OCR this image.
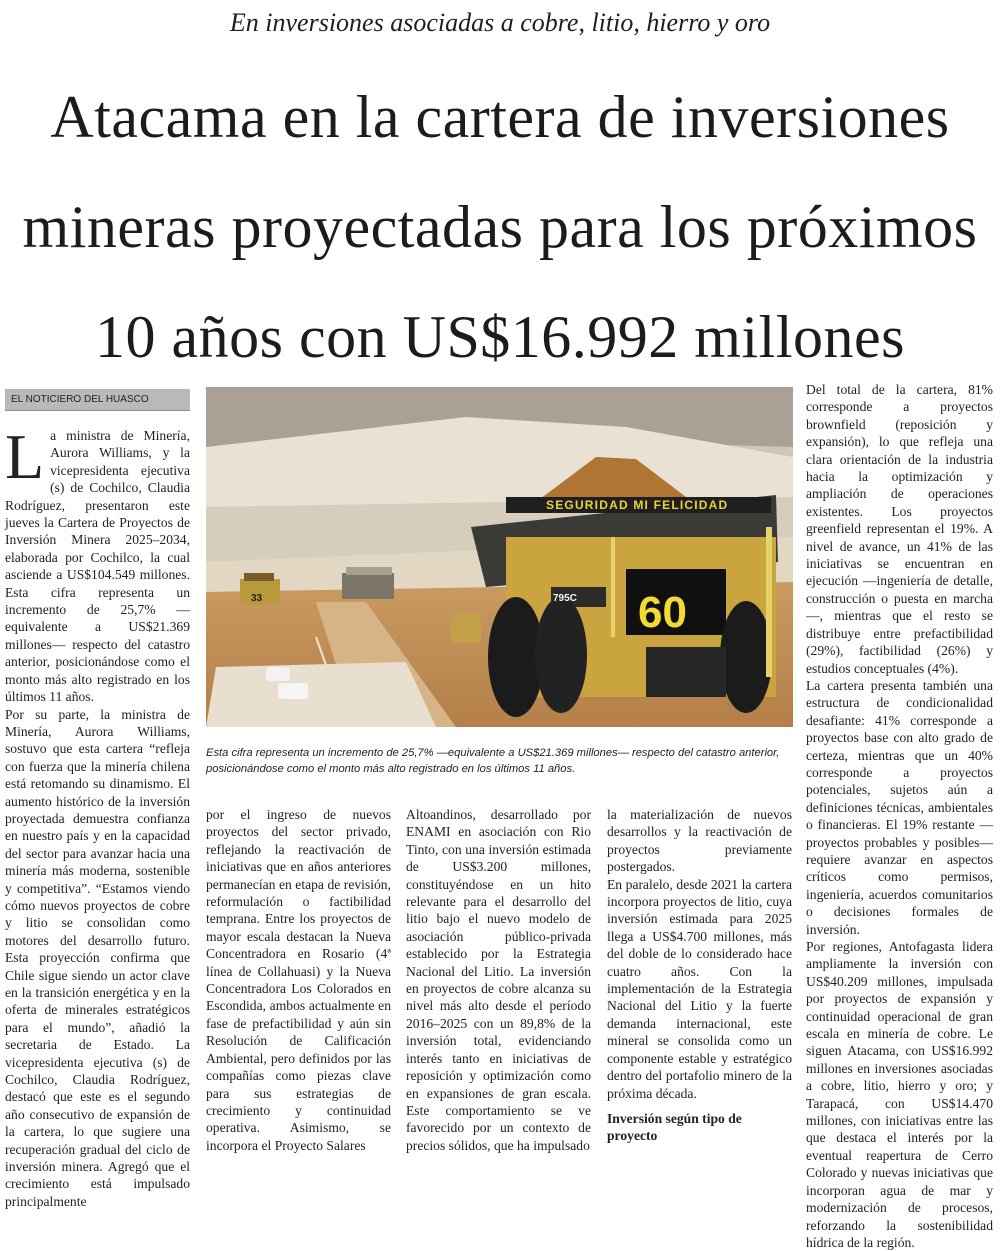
En inversiones asociadas a cobre, litio, hierro y oro
Atacama en la cartera de inversiones
mineras proyectadas para los próximos
10 años con US$16.992 millones
EL NOTICIERO DEL HUASCO

La ministra de Minería, Aurora Williams, y la vicepresidenta ejecutiva (s) de Cochilco, Claudia Rodríguez, presentaron este jueves la Cartera de Proyectos de Inversión Minera 2025–2034, elaborada por Cochilco, la cual asciende a US$104.549 millones. Esta cifra representa un incremento de 25,7% —equivalente a US$21.369 millones— respecto del catastro anterior, posicionándose como el monto más alto registrado en los últimos 11 años.

Por su parte, la ministra de Minería, Aurora Williams, sostuvo que esta cartera “refleja con fuerza que la minería chilena está retomando su dinamismo. El aumento histórico de la inversión proyectada demuestra confianza en nuestro país y en la capacidad del sector para avanzar hacia una minería más moderna, sostenible y competitiva”. “Estamos viendo cómo nuevos proyectos de cobre y litio se consolidan como motores del desarrollo futuro. Esta proyección confirma que Chile sigue siendo un actor clave en la transición energética y en la oferta de minerales estratégicos para el mundo”, añadió la secretaria de Estado. La vicepresidenta ejecutiva (s) de Cochilco, Claudia Rodríguez, destacó que este es el segundo año consecutivo de expansión de la cartera, lo que sugiere una recuperación gradual del ciclo de inversión minera. Agregó que el crecimiento está impulsado principalmente

SEGURIDAD MI FELICIDAD
60
795C
33
Esta cifra representa un incremento de 25,7% —equivalente a US$21.369 millones— respecto del catastro anterior, posicionándose como el monto más alto registrado en los últimos 11 años.

por el ingreso de nuevos proyectos del sector privado, reflejando la reactivación de iniciativas que en años anteriores permanecían en etapa de revisión, reformulación o factibilidad temprana. Entre los proyectos de mayor escala destacan la Nueva Concentradora en Rosario (4ª línea de Collahuasi) y la Nueva Concentradora Los Colorados en Escondida, ambos actualmente en fase de prefactibilidad y aún sin Resolución de Calificación Ambiental, pero definidos por las compañías como piezas clave para sus estrategias de crecimiento y continuidad operativa. Asimismo, se incorpora el Proyecto Salares

Altoandinos, desarrollado por ENAMI en asociación con Rio Tinto, con una inversión estimada de US$3.200 millones, constituyéndose en un hito relevante para el desarrollo del litio bajo el nuevo modelo de asociación público-privada establecido por la Estrategia Nacional del Litio. La inversión en proyectos de cobre alcanza su nivel más alto desde el período 2016–2025 con un 89,8% de la inversión total, evidenciando interés tanto en iniciativas de reposición y optimización como en expansiones de gran escala. Este comportamiento se ve favorecido por un contexto de precios sólidos, que ha impulsado

la materialización de nuevos desarrollos y la reactivación de proyectos previamente postergados.

En paralelo, desde 2021 la cartera incorpora proyectos de litio, cuya inversión estimada para 2025 llega a US$4.700 millones, más del doble de lo considerado hace cuatro años. Con la implementación de la Estrategia Nacional del Litio y la fuerte demanda internacional, este mineral se consolida como un componente estable y estratégico dentro del portafolio minero de la próxima década.

Inversión según tipo de proyecto

Del total de la cartera, 81% corresponde a proyectos brownfield (reposición y expansión), lo que refleja una clara orientación de la industria hacia la optimización y ampliación de operaciones existentes. Los proyectos greenfield representan el 19%. A nivel de avance, un 41% de las iniciativas se encuentran en ejecución —ingeniería de detalle, construcción o puesta en marcha—, mientras que el resto se distribuye entre prefactibilidad (29%), factibilidad (26%) y estudios conceptuales (4%).

La cartera presenta también una estructura de condicionalidad desafiante: 41% corresponde a proyectos base con alto grado de certeza, mientras que un 40% corresponde a proyectos potenciales, sujetos aún a definiciones técnicas, ambientales o financieras. El 19% restante —proyectos probables y posibles— requiere avanzar en aspectos críticos como permisos, ingeniería, acuerdos comunitarios o decisiones formales de inversión.

Por regiones, Antofagasta lidera ampliamente la inversión con US$40.209 millones, impulsada por proyectos de expansión y continuidad operacional de gran escala en minería de cobre. Le siguen Atacama, con US$16.992 millones en inversiones asociadas a cobre, litio, hierro y oro; y Tarapacá, con US$14.470 millones, con iniciativas entre las que destaca el interés por la eventual reapertura de Cerro Colorado y nuevas iniciativas que incorporan agua de mar y modernización de procesos, reforzando la sostenibilidad hídrica de la región.
